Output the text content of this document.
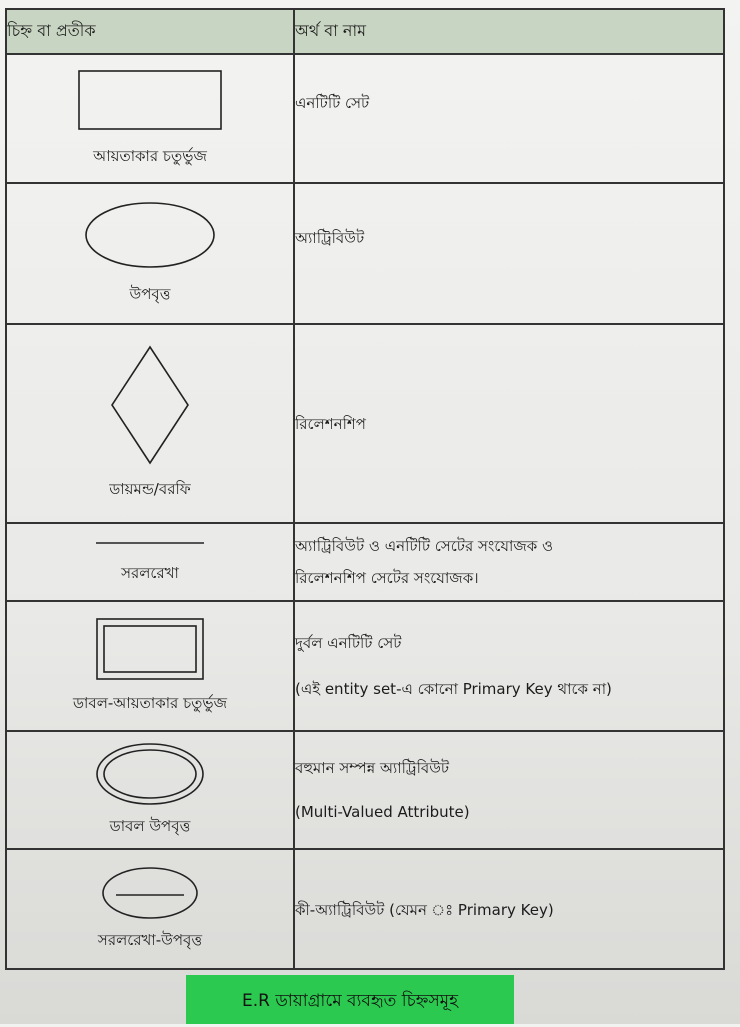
চিহ্ন বা প্রতীক	অর্থ বা নাম

আয়তাকার চতুর্ভুজ	এনটিটি সেট

উপবৃত্ত	অ্যাট্রিবিউট

ডায়মন্ড/বরফি	রিলেশনশিপ

সরলরেখা	অ্যাট্রিবিউট ও এনটিটি সেটের সংযোজক ও
রিলেশনশিপ সেটের সংযোজক।

ডাবল-আয়তাকার চতুর্ভুজ	দুর্বল এনটিটি সেট
(এই entity set-এ কোনো Primary Key থাকে না)

ডাবল উপবৃত্ত	বহুমান সম্পন্ন অ্যাট্রিবিউট
(Multi-Valued Attribute)

সরলরেখা-উপবৃত্ত	কী-অ্যাট্রিবিউট (যেমন ঃ Primary Key)
E.R ডায়াগ্রামে ব্যবহৃত চিহ্নসমূহ
